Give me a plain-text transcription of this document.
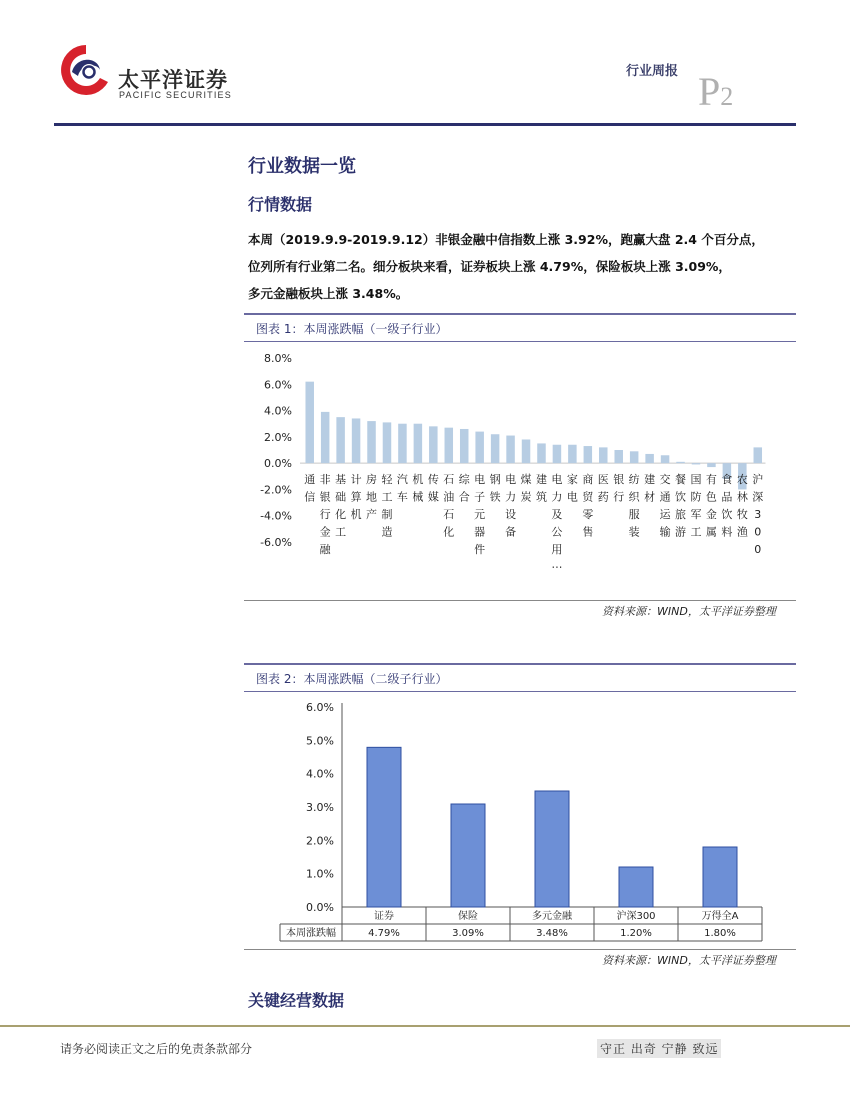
太平洋证券
PACIFIC SECURITIES
行业周报 P2
行业数据一览
行情数据
本周（2019.9.9-2019.9.12）非银金融中信指数上涨 3.92%，跑赢大盘 2.4 个百分点，
位列所有行业第二名。细分板块来看，证券板块上涨 4.79%，保险板块上涨 3.09%，
多元金融板块上涨 3.48%。
图表 1：本周涨跌幅（一级子行业）
8.0%
6.0%
4.0%
2.0%
0.0%
-2.0%
-4.0%
-6.0%
通信
非银行金融
基础化工
计算机
房地产
轻工制造
汽车
机械
传媒
石油石化
综合
电子元器件
钢铁
电力设备
煤炭
建筑
电力及公用⋯
家电
商贸零售
医药
银行
纺织服装
建材
交通运输
餐饮旅游
国防军工
有色金属
食品饮料
农林牧渔
沪深 3 0 0
资料来源：WIND，太平洋证券整理
图表 2：本周涨跌幅（二级子行业）
6.0%
5.0%
4.0%
3.0%
2.0%
1.0%
0.0%
本周涨跌幅
证券
4.79%
保险
3.09%
多元金融
3.48%
沪深300
1.20%
万得全A
1.80%
资料来源：WIND，太平洋证券整理
关键经营数据
请务必阅读正文之后的免责条款部分	守正 出奇 宁静 致远
